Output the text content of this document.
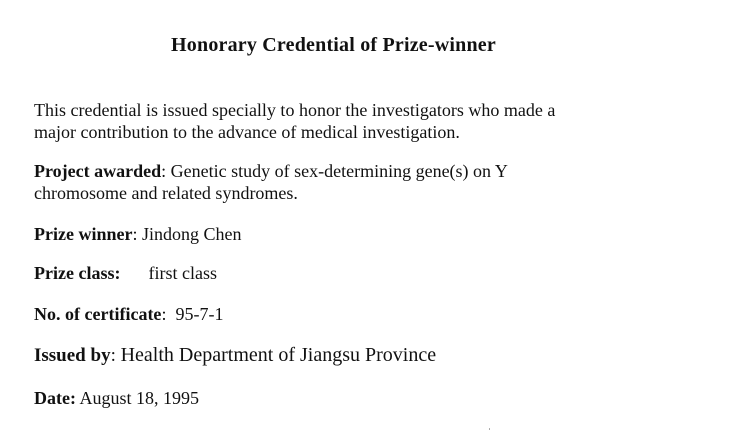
Honorary Credential of Prize-winner
This credential is issued specially to honor the investigators who made a
major contribution to the advance of medical investigation.
Project awarded: Genetic study of sex-determining gene(s) on Y
chromosome and related syndromes.
Prize winner: Jindong Chen
Prize class: first class
No. of certificate:  95-7-1
Issued by: Health Department of Jiangsu Province
Date: August 18, 1995
˙
